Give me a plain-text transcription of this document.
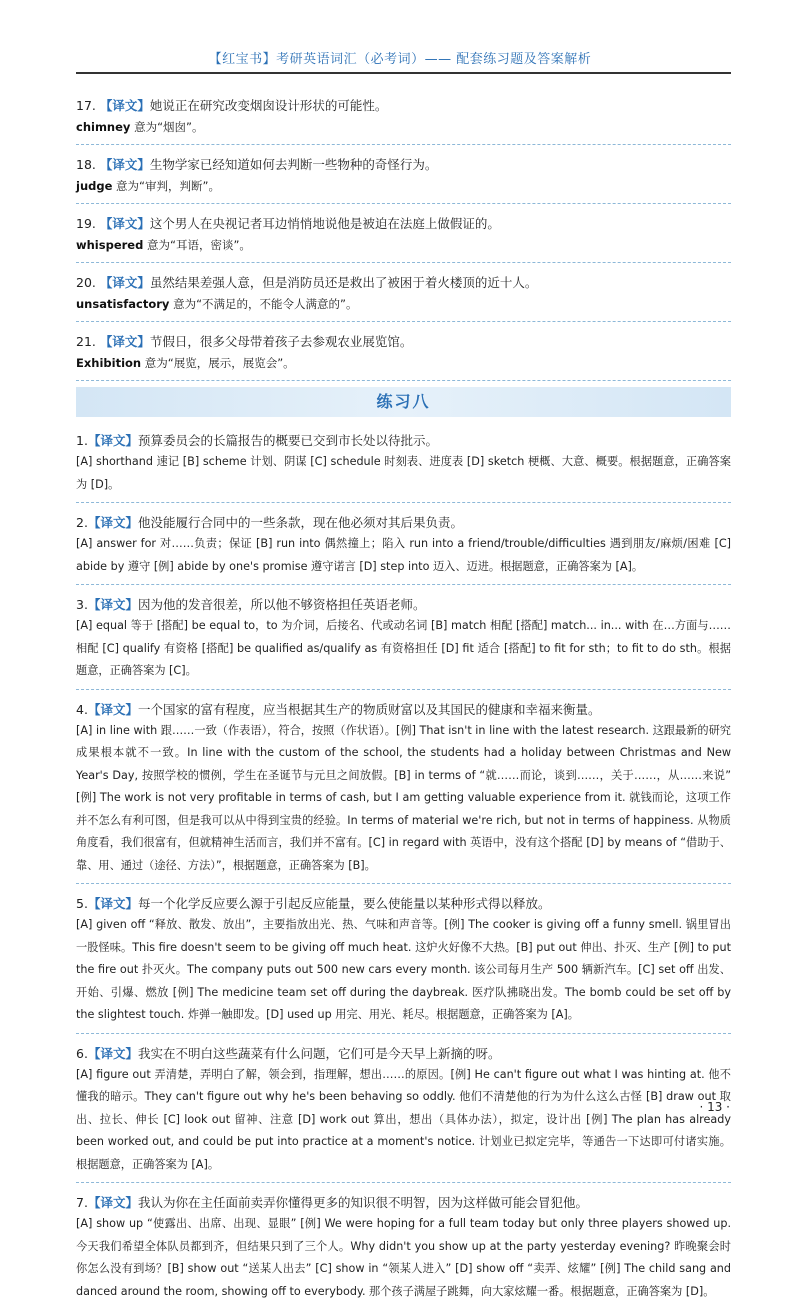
【红宝书】考研英语词汇（必考词）—— 配套练习题及答案解析
17. 【译文】她说正在研究改变烟囱设计形状的可能性。
chimney 意为“烟囱”。
18. 【译文】生物学家已经知道如何去判断一些物种的奇怪行为。
judge 意为“审判，判断”。
19. 【译文】这个男人在央视记者耳边悄悄地说他是被迫在法庭上做假证的。
whispered 意为“耳语，密谈”。
20. 【译文】虽然结果差强人意，但是消防员还是救出了被困于着火楼顶的近十人。
unsatisfactory 意为“不满足的，不能令人满意的”。
21. 【译文】节假日，很多父母带着孩子去参观农业展览馆。
Exhibition 意为“展览，展示，展览会”。
练习八
1.【译文】预算委员会的长篇报告的概要已交到市长处以待批示。
[A] shorthand 速记 [B] scheme 计划、阴谋 [C] schedule 时刻表、进度表 [D] sketch 梗概、大意、概要。根据题意，正确答案为 [D]。
2.【译文】他没能履行合同中的一些条款，现在他必须对其后果负责。
[A] answer for 对……负责；保证 [B] run into 偶然撞上；陷入 run into a friend/trouble/difficulties 遇到朋友/麻烦/困难 [C] abide by 遵守 [例] abide by one's promise 遵守诺言 [D] step into 迈入、迈进。根据题意，正确答案为 [A]。
3.【译文】因为他的发音很差，所以他不够资格担任英语老师。
[A] equal 等于 [搭配] be equal to，to 为介词，后接名、代或动名词 [B] match 相配 [搭配] match... in... with 在…方面与……相配 [C] qualify 有资格 [搭配] be qualified as/qualify as 有资格担任 [D] fit 适合 [搭配] to fit for sth；to fit to do sth。根据题意，正确答案为 [C]。
4.【译文】一个国家的富有程度，应当根据其生产的物质财富以及其国民的健康和幸福来衡量。
[A] in line with 跟……一致（作表语），符合，按照（作状语）。[例] That isn't in line with the latest research. 这跟最新的研究成果根本就不一致。In line with the custom of the school, the students had a holiday between Christmas and New Year's Day, 按照学校的惯例，学生在圣诞节与元旦之间放假。[B] in terms of “就……而论，谈到……，关于……，从……来说” [例] The work is not very profitable in terms of cash, but I am getting valuable experience from it. 就钱而论，这项工作并不怎么有利可图，但是我可以从中得到宝贵的经验。In terms of material we're rich, but not in terms of happiness. 从物质角度看，我们很富有，但就精神生活而言，我们并不富有。[C] in regard with 英语中，没有这个搭配 [D] by means of “借助于、靠、用、通过（途径、方法）”，根据题意，正确答案为 [B]。
5.【译文】每一个化学反应要么源于引起反应能量，要么使能量以某种形式得以释放。
[A] given off “释放、散发、放出”，主要指放出光、热、气味和声音等。[例] The cooker is giving off a funny smell. 锅里冒出一股怪味。This fire doesn't seem to be giving off much heat. 这炉火好像不大热。[B] put out 伸出、扑灭、生产 [例] to put the fire out 扑灭火。The company puts out 500 new cars every month. 该公司每月生产 500 辆新汽车。[C] set off 出发、开始、引爆、燃放 [例] The medicine team set off during the daybreak. 医疗队拂晓出发。The bomb could be set off by the slightest touch. 炸弹一触即发。[D] used up 用完、用光、耗尽。根据题意，正确答案为 [A]。
6.【译文】我实在不明白这些蔬菜有什么问题，它们可是今天早上新摘的呀。
[A] figure out 弄清楚，弄明白了解，领会到，指理解，想出……的原因。[例] He can't figure out what I was hinting at. 他不懂我的暗示。They can't figure out why he's been behaving so oddly. 他们不清楚他的行为为什么这么古怪 [B] draw out 取出、拉长、伸长 [C] look out 留神、注意 [D] work out 算出，想出（具体办法），拟定，设计出 [例] The plan has already been worked out, and could be put into practice at a moment's notice. 计划业已拟定完毕，等通告一下达即可付诸实施。根据题意，正确答案为 [A]。
7.【译文】我认为你在主任面前卖弄你懂得更多的知识很不明智，因为这样做可能会冒犯他。
[A] show up “使露出、出席、出现、显眼” [例] We were hoping for a full team today but only three players showed up. 今天我们希望全体队员都到齐，但结果只到了三个人。Why didn't you show up at the party yesterday evening? 昨晚聚会时你怎么没有到场？[B] show out “送某人出去” [C] show in “领某人进入” [D] show off “卖弄、炫耀” [例] The child sang and danced around the room, showing off to everybody. 那个孩子满屋子跳舞，向大家炫耀一番。根据题意，正确答案为 [D]。
· 13 ·
